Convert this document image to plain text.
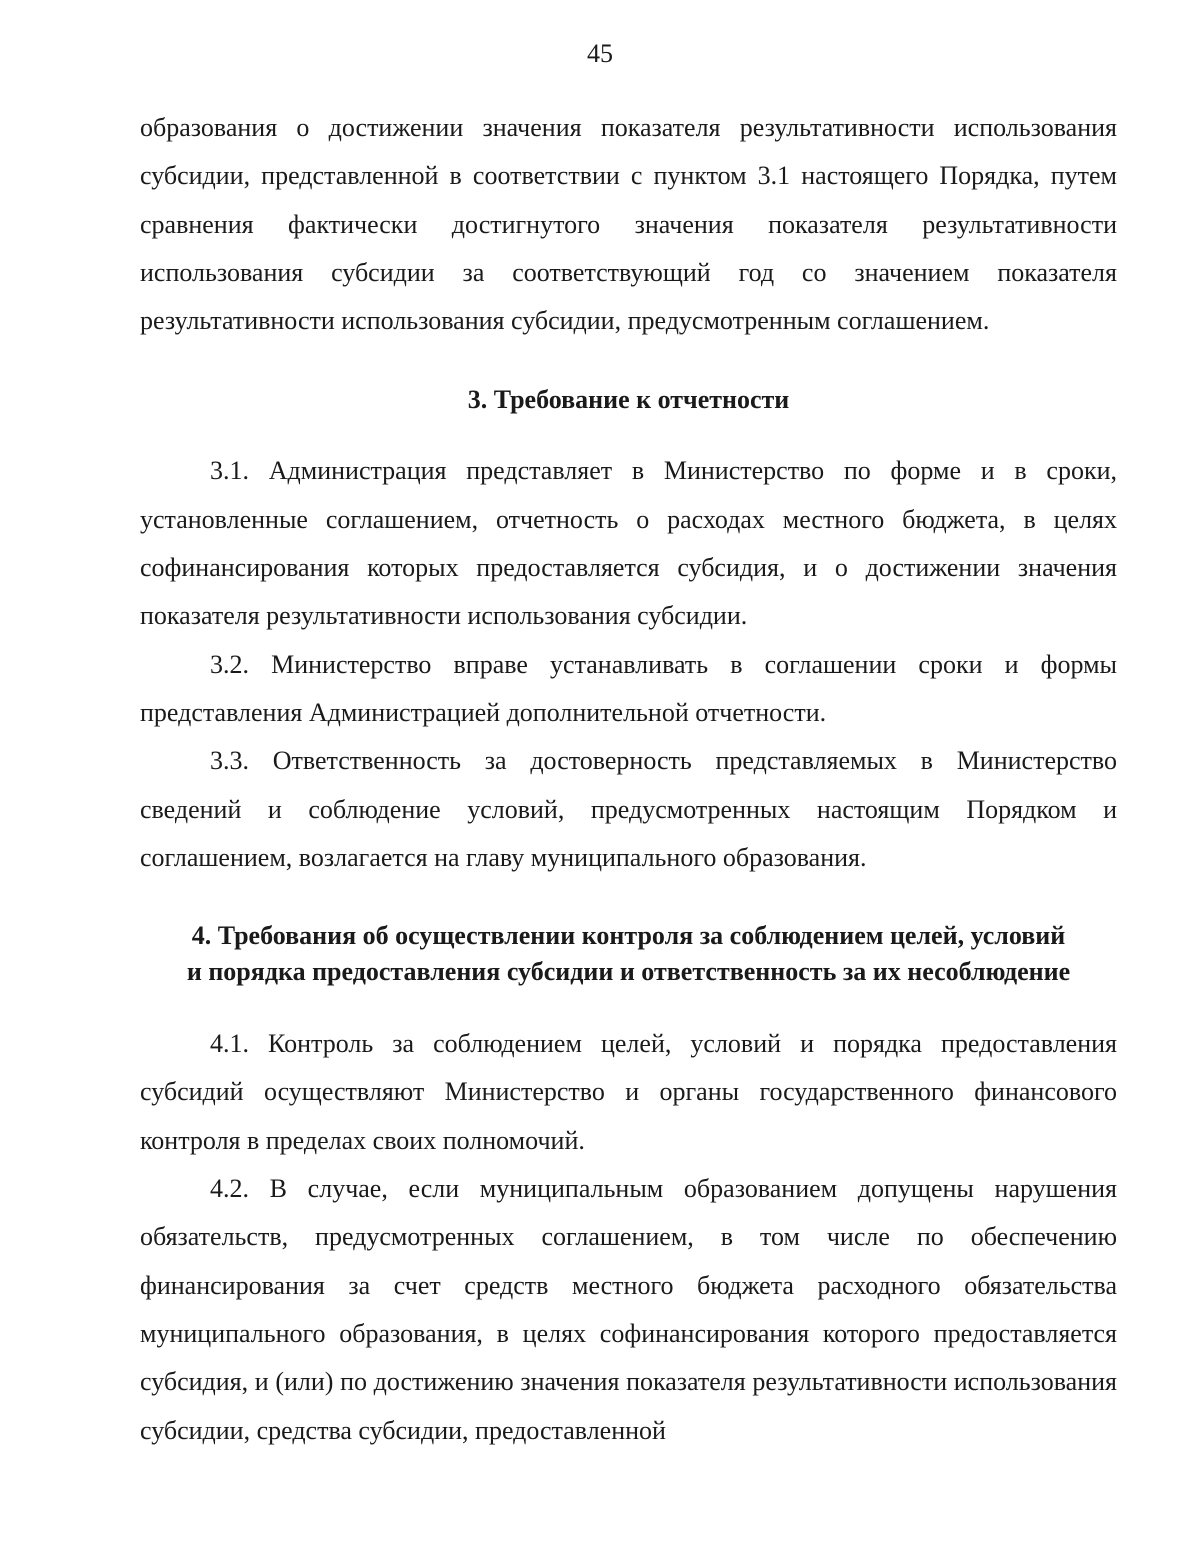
45

образования о достижении значения показателя результативности использования субсидии, представленной в соответствии с пунктом 3.1 настоящего Порядка, путем сравнения фактически достигнутого значения показателя результативности использования субсидии за соответствующий год со значением показателя результативности использования субсидии, предусмотренным соглашением.

3. Требование к отчетности

3.1. Администрация представляет в Министерство по форме и в сроки, установленные соглашением, отчетность о расходах местного бюджета, в целях софинансирования которых предоставляется субсидия, и о достижении значения показателя результативности использования субсидии.

3.2. Министерство вправе устанавливать в соглашении сроки и формы представления Администрацией дополнительной отчетности.

3.3. Ответственность за достоверность представляемых в Министерство сведений и соблюдение условий, предусмотренных настоящим Порядком и соглашением, возлагается на главу муниципального образования.

4. Требования об осуществлении контроля за соблюдением целей, условий
и порядка предоставления субсидии и ответственность за их несоблюдение

4.1. Контроль за соблюдением целей, условий и порядка предоставления субсидий осуществляют Министерство и органы государственного финансового контроля в пределах своих полномочий.

4.2. В случае, если муниципальным образованием допущены нарушения обязательств, предусмотренных соглашением, в том числе по обеспечению финансирования за счет средств местного бюджета расходного обязательства муниципального образования, в целях софинансирования которого предоставляется субсидия, и (или) по достижению значения показателя результативности использования субсидии, средства субсидии, предоставленной
